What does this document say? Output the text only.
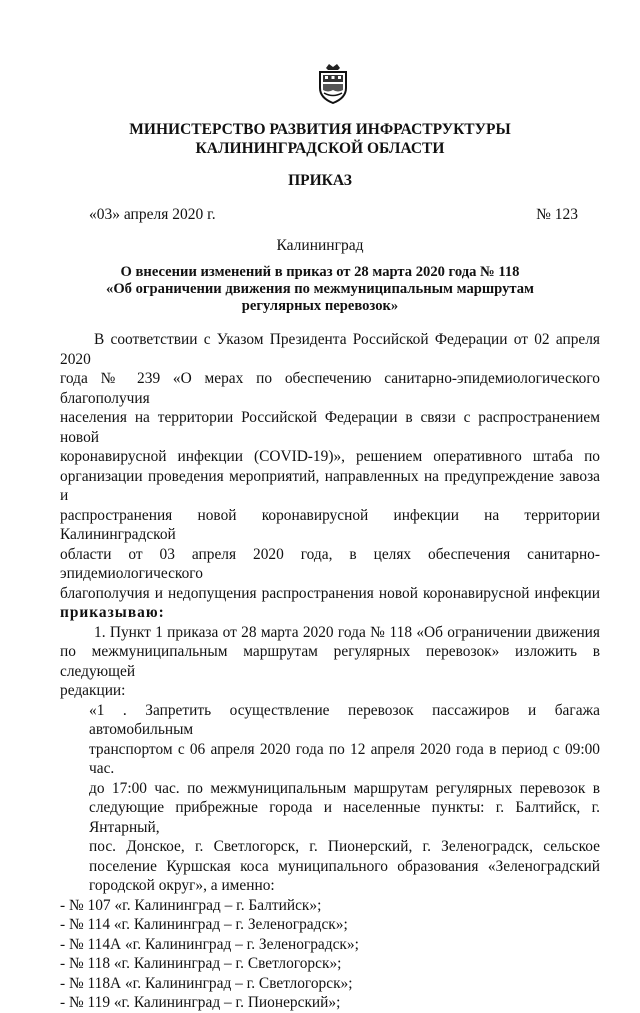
МИНИСТЕРСТВО РАЗВИТИЯ ИНФРАСТРУКТУРЫ
КАЛИНИНГРАДСКОЙ ОБЛАСТИ
ПРИКАЗ
«03» апреля 2020 г.	№ 123
Калининград
О внесении изменений в приказ от 28 марта 2020 года № 118
«Об ограничении движения по межмуниципальным маршрутам
регулярных перевозок»

В соответствии с Указом Президента Российской Федерации от 02 апреля 2020

года № 239 «О мерах по обеспечению санитарно-эпидемиологического благополучия

населения на территории Российской Федерации в связи с распространением новой

коронавирусной инфекции (COVID-19)», решением оперативного штаба по

организации проведения мероприятий, направленных на предупреждение завоза и

распространения новой коронавирусной инфекции на территории Калининградской

области от 03 апреля 2020 года, в целях обеспечения санитарно-эпидемиологического

благополучия и недопущения распространения новой коронавирусной инфекции

приказываю:

1. Пункт 1 приказа от 28 марта 2020 года № 118 «Об ограничении движения

по межмуниципальным маршрутам регулярных перевозок» изложить в следующей

редакции:

«1 . Запретить осуществление перевозок пассажиров и багажа автомобильным

транспортом с 06 апреля 2020 года по 12 апреля 2020 года в период с 09:00 час.

до 17:00 час. по межмуниципальным маршрутам регулярных перевозок в

следующие прибрежные города и населенные пункты: г. Балтийск, г. Янтарный,

пос. Донское, г. Светлогорск, г. Пионерский, г. Зеленоградск, сельское

поселение Куршская коса муниципального образования «Зеленоградский

городской округ», а именно:

- № 107 «г. Калининград – г. Балтийск»;

- № 114 «г. Калининград – г. Зеленоградск»;

- № 114А «г. Калининград – г. Зеленоградск»;

- № 118 «г. Калининград – г. Светлогорск»;

- № 118А «г. Калининград – г. Светлогорск»;

- № 119 «г. Калининград – г. Пионерский»;
